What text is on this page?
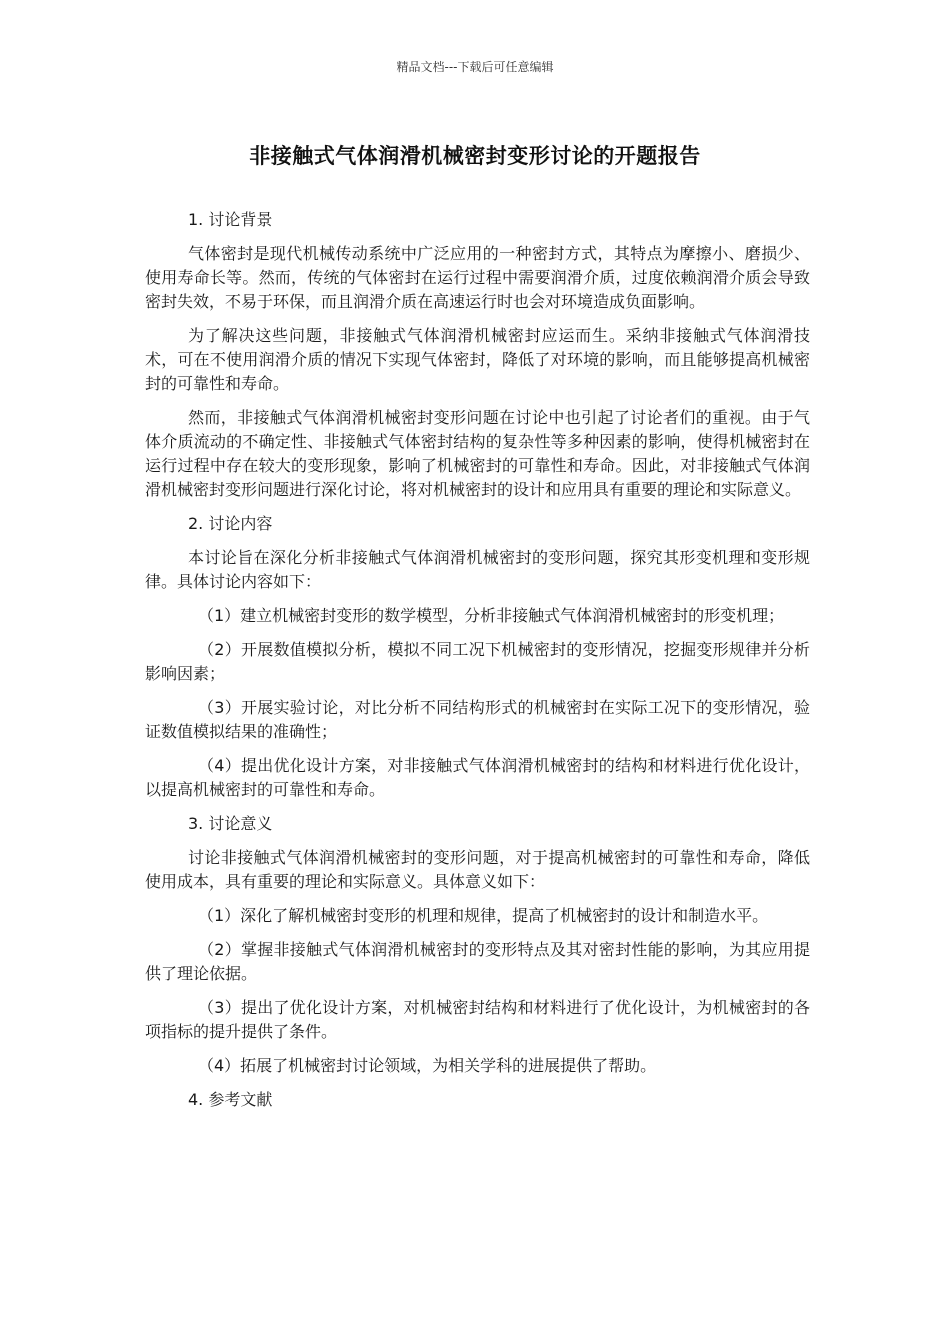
精品文档---下载后可任意编辑
非接触式气体润滑机械密封变形讨论的开题报告
1. 讨论背景
气体密封是现代机械传动系统中广泛应用的一种密封方式，其特点为摩擦小、磨损少、使用寿命长等。然而，传统的气体密封在运行过程中需要润滑介质，过度依赖润滑介质会导致密封失效，不易于环保，而且润滑介质在高速运行时也会对环境造成负面影响。
为了解决这些问题，非接触式气体润滑机械密封应运而生。采纳非接触式气体润滑技术，可在不使用润滑介质的情况下实现气体密封，降低了对环境的影响，而且能够提高机械密封的可靠性和寿命。
然而，非接触式气体润滑机械密封变形问题在讨论中也引起了讨论者们的重视。由于气体介质流动的不确定性、非接触式气体密封结构的复杂性等多种因素的影响，使得机械密封在运行过程中存在较大的变形现象，影响了机械密封的可靠性和寿命。因此，对非接触式气体润滑机械密封变形问题进行深化讨论，将对机械密封的设计和应用具有重要的理论和实际意义。
2. 讨论内容
本讨论旨在深化分析非接触式气体润滑机械密封的变形问题，探究其形变机理和变形规律。具体讨论内容如下：
（1）建立机械密封变形的数学模型，分析非接触式气体润滑机械密封的形变机理；
（2）开展数值模拟分析，模拟不同工况下机械密封的变形情况，挖掘变形规律并分析影响因素；
（3）开展实验讨论，对比分析不同结构形式的机械密封在实际工况下的变形情况，验证数值模拟结果的准确性；
（4）提出优化设计方案，对非接触式气体润滑机械密封的结构和材料进行优化设计，以提高机械密封的可靠性和寿命。
3. 讨论意义
讨论非接触式气体润滑机械密封的变形问题，对于提高机械密封的可靠性和寿命，降低使用成本，具有重要的理论和实际意义。具体意义如下：
（1）深化了解机械密封变形的机理和规律，提高了机械密封的设计和制造水平。
（2）掌握非接触式气体润滑机械密封的变形特点及其对密封性能的影响，为其应用提供了理论依据。
（3）提出了优化设计方案，对机械密封结构和材料进行了优化设计，为机械密封的各项指标的提升提供了条件。
（4）拓展了机械密封讨论领域，为相关学科的进展提供了帮助。
4. 参考文献
